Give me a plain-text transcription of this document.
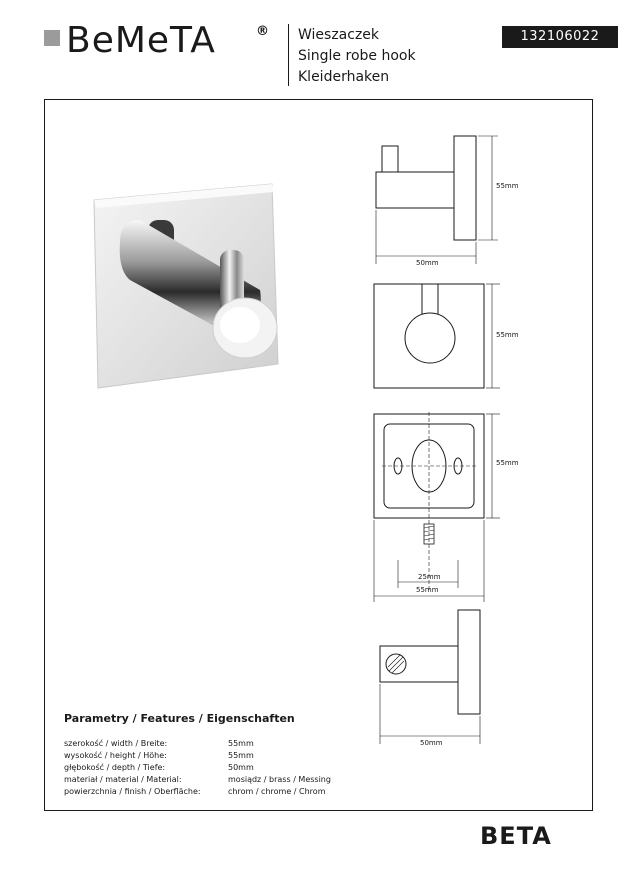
BeMeTA	® Wieszaczek
Single robe hook
Kleiderhaken
132106022
55mm
50mm
55mm
55mm
25mm
55mm
50mm
Parametry / Features / Eigenschaften
szerokość / width / Breite:	55mm
wysokość / height / Höhe:	55mm
głębokość / depth / Tiefe:	50mm
materiał / material / Material:	mosiądz / brass / Messing
powierzchnia / finish / Oberfläche:	chrom / chrome / Chrom
BETA
